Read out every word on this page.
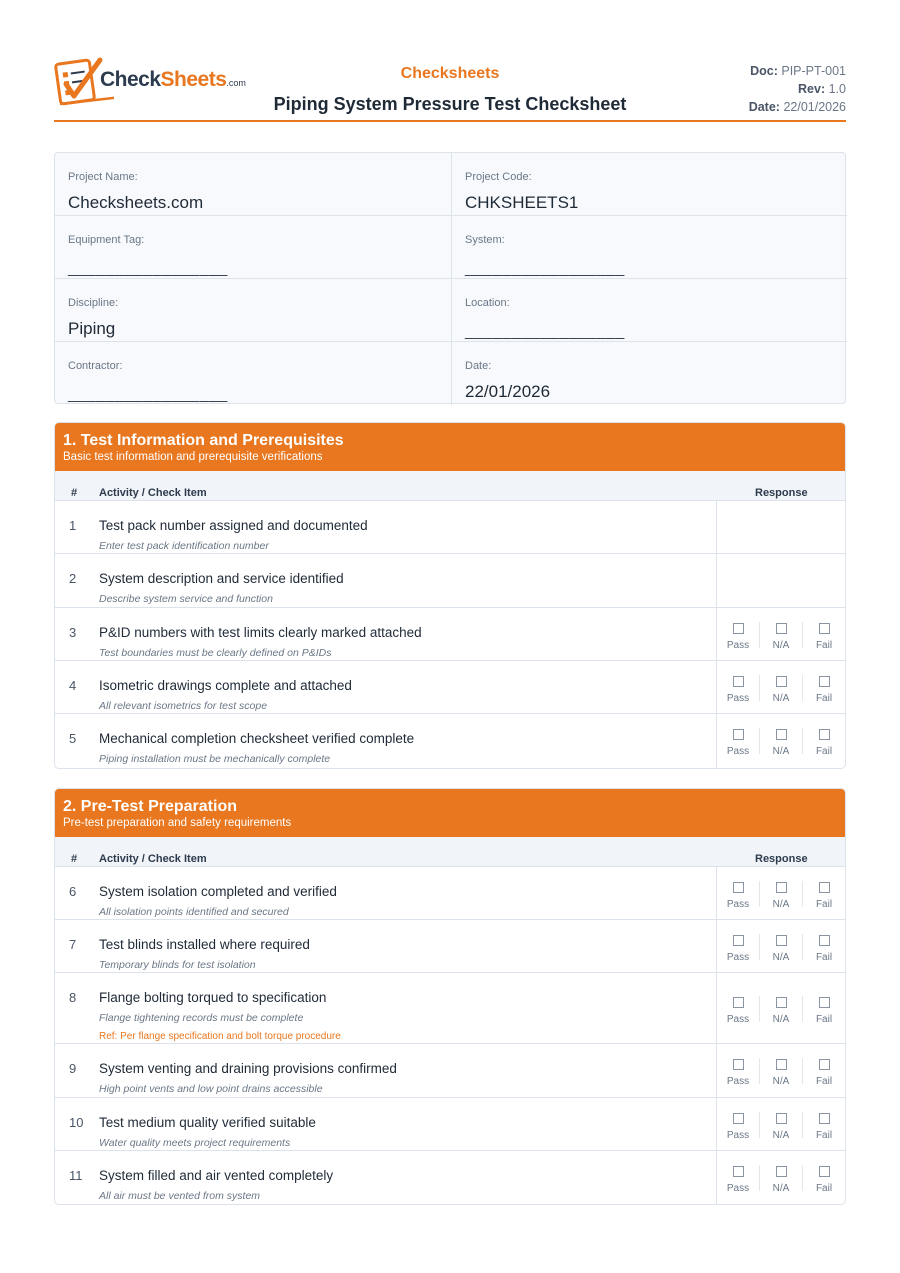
CheckSheets.com
Checksheets
Piping System Pressure Test Checksheet
Doc: PIP-PT-001
Rev: 1.0
Date: 22/01/2026
Project Name:
Checksheets.com
Project Code:
CHKSHEETS1
Equipment Tag:
_________________
System:
_________________
Discipline:
Piping
Location:
_________________
Contractor:
_________________
Date:
22/01/2026
1. Test Information and Prerequisites
Basic test information and prerequisite verifications
# Activity / Check Item	Response
1 Test pack number assigned and documented
Enter test pack identification number
2 System description and service identified
Describe system service and function
3 P&ID numbers with test limits clearly marked attached
Test boundaries must be clearly defined on P&IDs
Pass	N/A	Fail
4 Isometric drawings complete and attached
All relevant isometrics for test scope
Pass	N/A	Fail
5 Mechanical completion checksheet verified complete
Piping installation must be mechanically complete
Pass	N/A	Fail
2. Pre-Test Preparation
Pre-test preparation and safety requirements
# Activity / Check Item	Response
6 System isolation completed and verified
All isolation points identified and secured
Pass	N/A	Fail
7 Test blinds installed where required
Temporary blinds for test isolation
Pass	N/A	Fail
8 Flange bolting torqued to specification
Flange tightening records must be complete
Ref: Per flange specification and bolt torque procedure
Pass	N/A	Fail
9 System venting and draining provisions confirmed
High point vents and low point drains accessible
Pass	N/A	Fail
10 Test medium quality verified suitable
Water quality meets project requirements
Pass	N/A	Fail
11 System filled and air vented completely
All air must be vented from system
Pass	N/A	Fail
